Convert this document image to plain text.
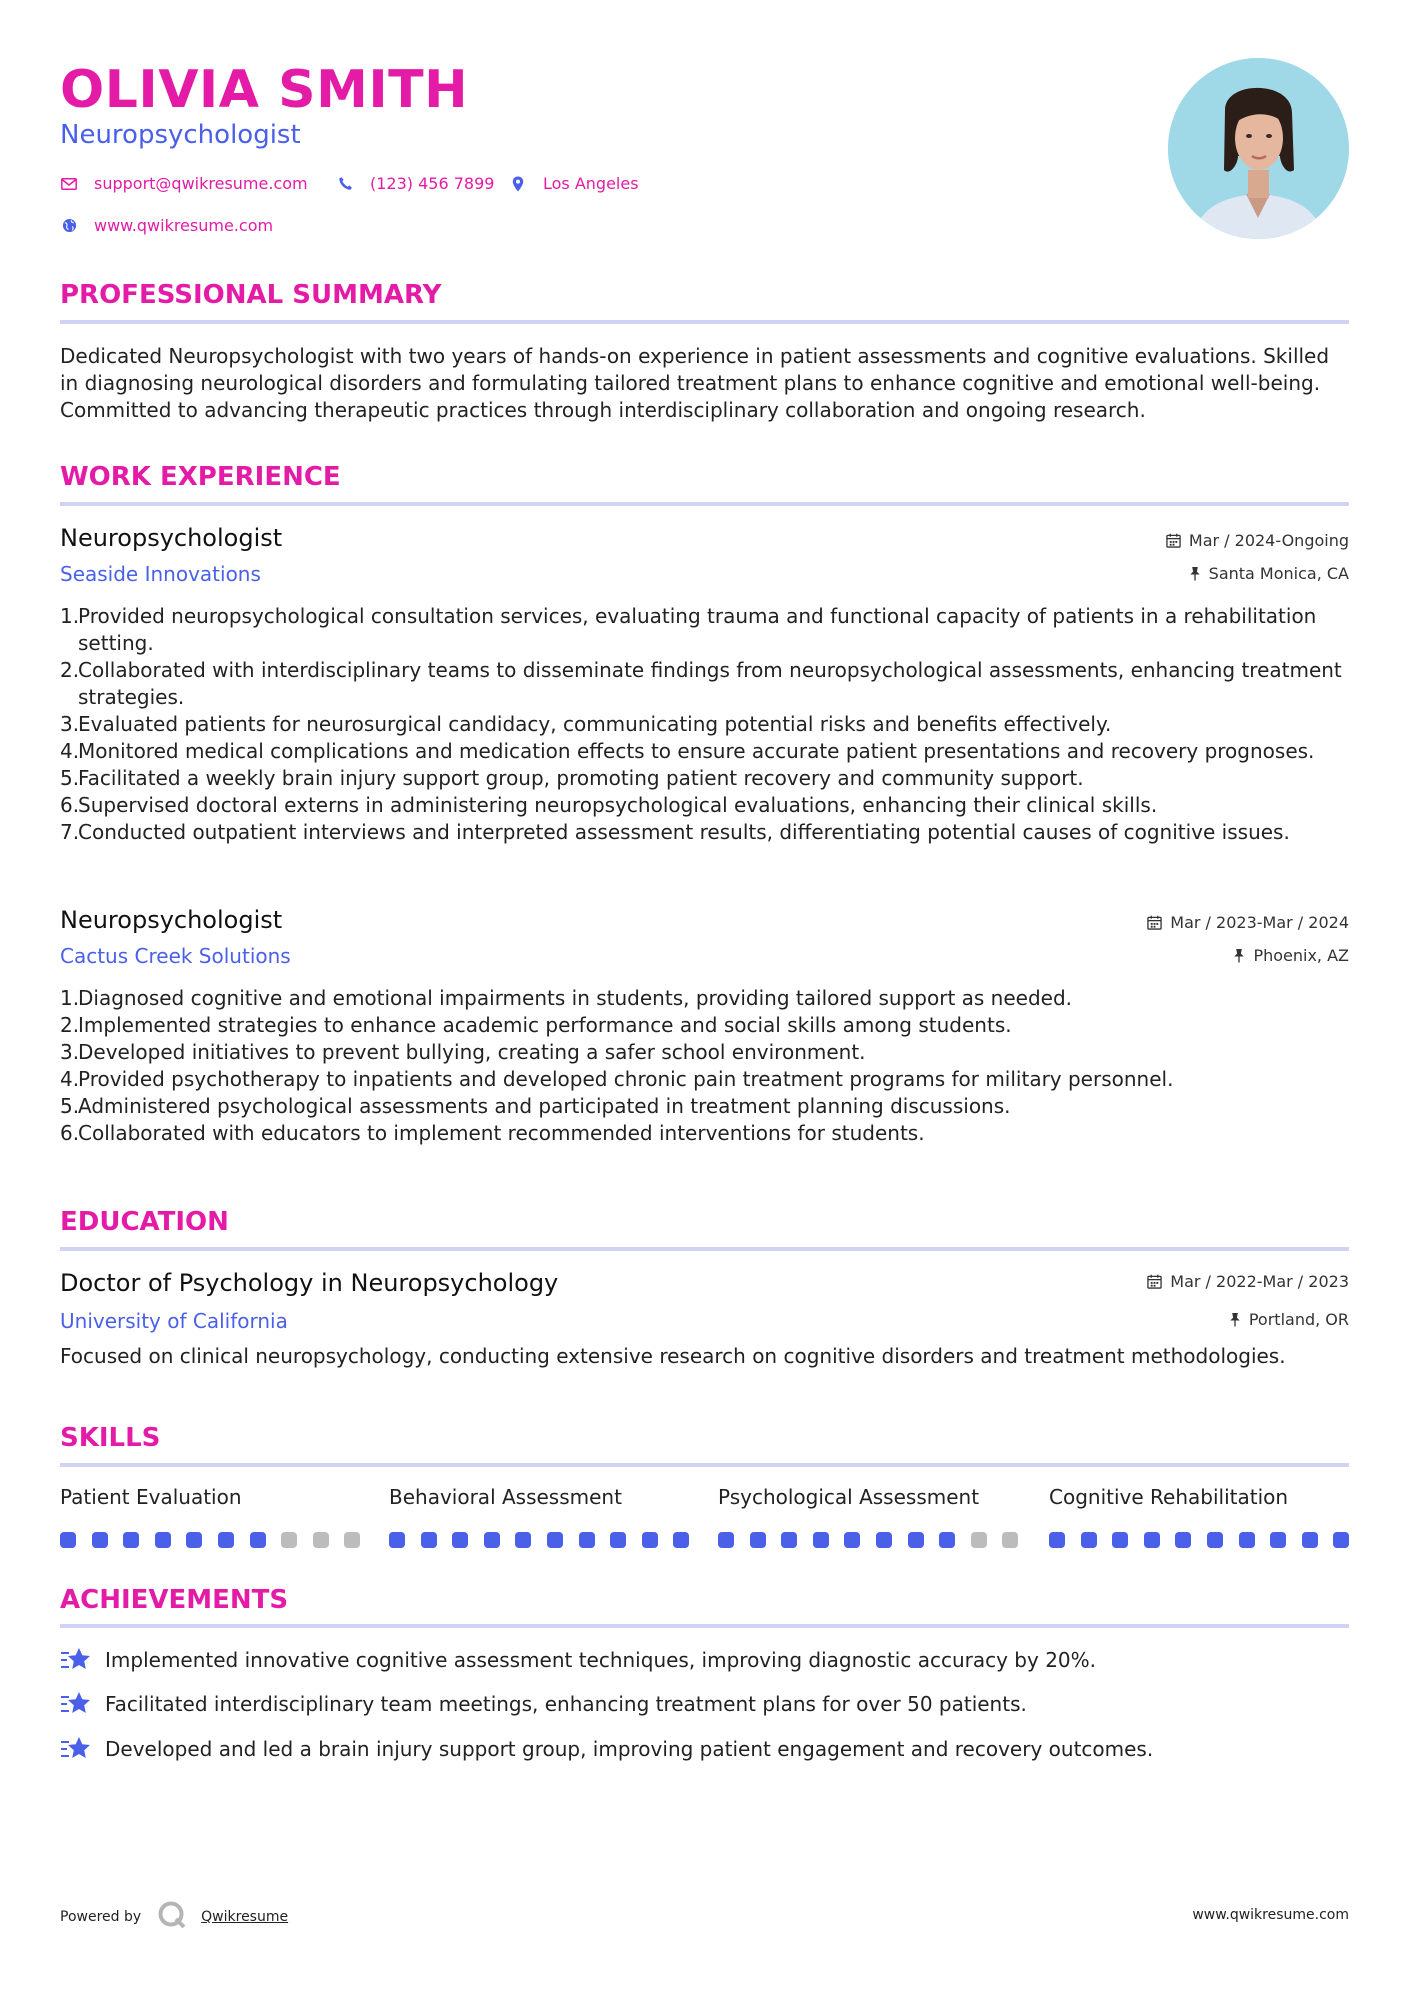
OLIVIA SMITH
Neuropsychologist
support@qwikresume.com	(123) 456 7899	Los Angeles
www.qwikresume.com
PROFESSIONAL SUMMARY
Dedicated Neuropsychologist with two years of hands-on experience in patient assessments and cognitive evaluations. Skilled in diagnosing neurological disorders and formulating tailored treatment plans to enhance cognitive and emotional well-being. Committed to advancing therapeutic practices through interdisciplinary collaboration and ongoing research.
WORK EXPERIENCE
Neuropsychologist	Mar / 2024-Ongoing
Seaside Innovations	Santa Monica, CA
Provided neuropsychological consultation services, evaluating trauma and functional capacity of patients in a rehabilitation setting.
Collaborated with interdisciplinary teams to disseminate findings from neuropsychological assessments, enhancing treatment strategies.
Evaluated patients for neurosurgical candidacy, communicating potential risks and benefits effectively.
Monitored medical complications and medication effects to ensure accurate patient presentations and recovery prognoses.
Facilitated a weekly brain injury support group, promoting patient recovery and community support.
Supervised doctoral externs in administering neuropsychological evaluations, enhancing their clinical skills.
Conducted outpatient interviews and interpreted assessment results, differentiating potential causes of cognitive issues.
Neuropsychologist	Mar / 2023-Mar / 2024
Cactus Creek Solutions	Phoenix, AZ
Diagnosed cognitive and emotional impairments in students, providing tailored support as needed.
Implemented strategies to enhance academic performance and social skills among students.
Developed initiatives to prevent bullying, creating a safer school environment.
Provided psychotherapy to inpatients and developed chronic pain treatment programs for military personnel.
Administered psychological assessments and participated in treatment planning discussions.
Collaborated with educators to implement recommended interventions for students.
EDUCATION
Doctor of Psychology in Neuropsychology	Mar / 2022-Mar / 2023
University of California	Portland, OR
Focused on clinical neuropsychology, conducting extensive research on cognitive disorders and treatment methodologies.
SKILLS
Patient Evaluation	Behavioral Assessment	Psychological Assessment	Cognitive Rehabilitation
ACHIEVEMENTS
Implemented innovative cognitive assessment techniques, improving diagnostic accuracy by 20%.
Facilitated interdisciplinary team meetings, enhancing treatment plans for over 50 patients.
Developed and led a brain injury support group, improving patient engagement and recovery outcomes.
Powered by	Qwikresume	www.qwikresume.com
